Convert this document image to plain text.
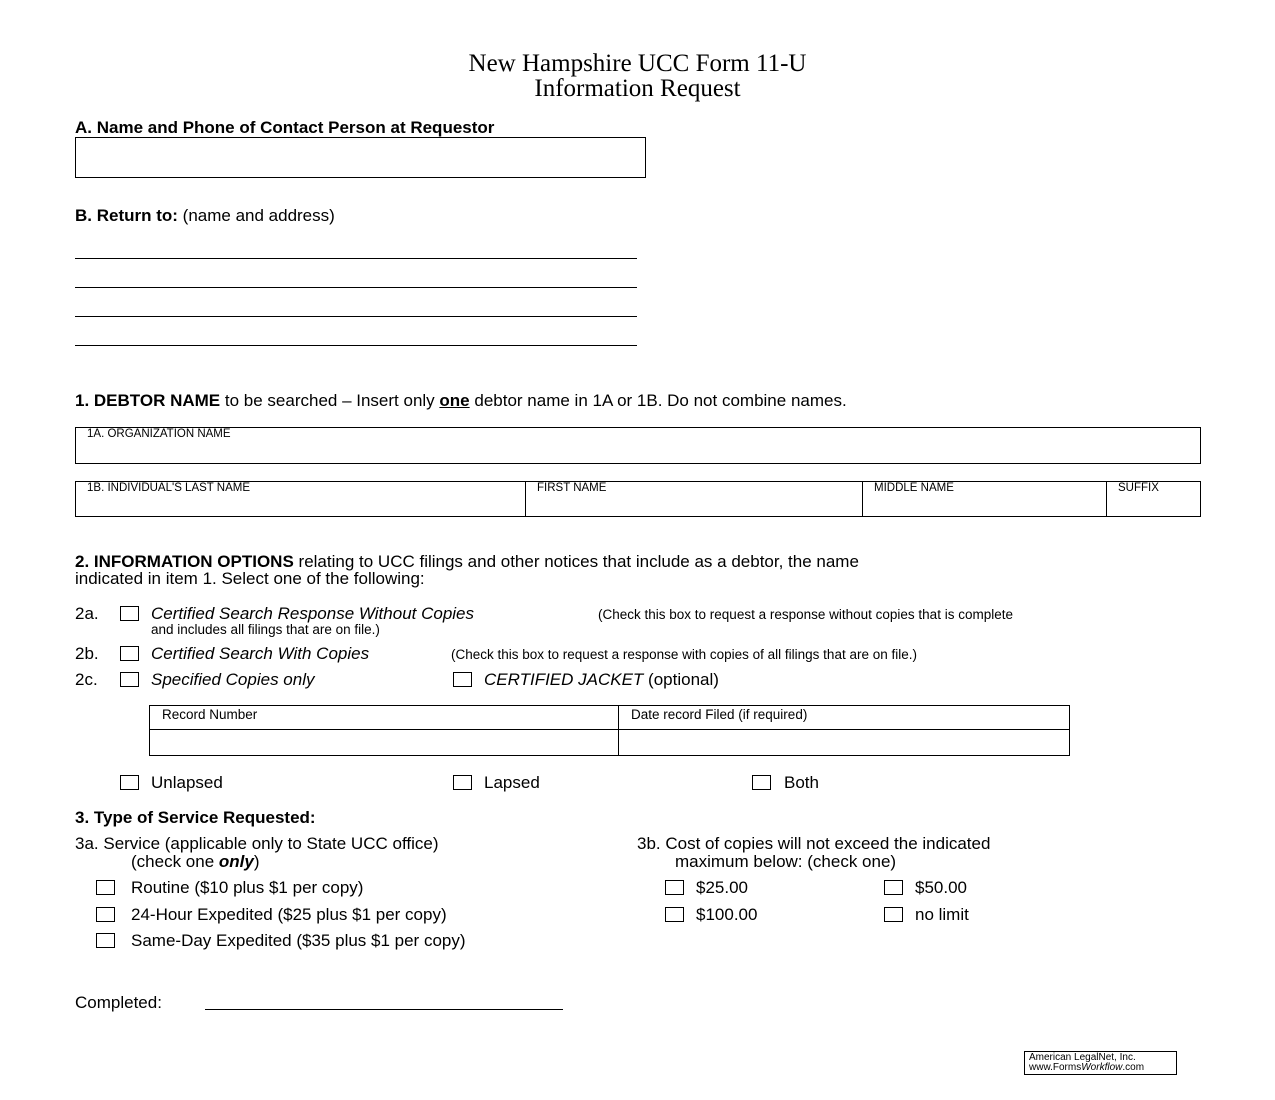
New Hampshire UCC Form 11-U
Information Request
A. Name and Phone of Contact Person at Requestor
B. Return to: (name and address)
1. DEBTOR NAME to be searched – Insert only one debtor name in 1A or 1B. Do not combine names.
1A. ORGANIZATION NAME
1B. INDIVIDUAL'S LAST NAME	FIRST NAME	MIDDLE NAME	SUFFIX
2. INFORMATION OPTIONS relating to UCC filings and other notices that include as a debtor, the name
indicated in item 1. Select one of the following:
2a.	Certified Search Response Without Copies	(Check this box to request a response without copies that is complete
and includes all filings that are on file.)
2b.	Certified Search With Copies	(Check this box to request a response with copies of all filings that are on file.)
2c.	Specified Copies only	CERTIFIED JACKET (optional)
Record Number	Date record Filed (if required)
Unlapsed	Lapsed	Both
3. Type of Service Requested:
3a. Service (applicable only to State UCC office)
(check one only)
Routine ($10 plus $1 per copy)
24-Hour Expedited ($25 plus $1 per copy)
Same-Day Expedited ($35 plus $1 per copy)
3b. Cost of copies will not exceed the indicated
maximum below: (check one)
$25.00	$50.00
$100.00	no limit
Completed:
American LegalNet, Inc.
www.FormsWorkflow.com
